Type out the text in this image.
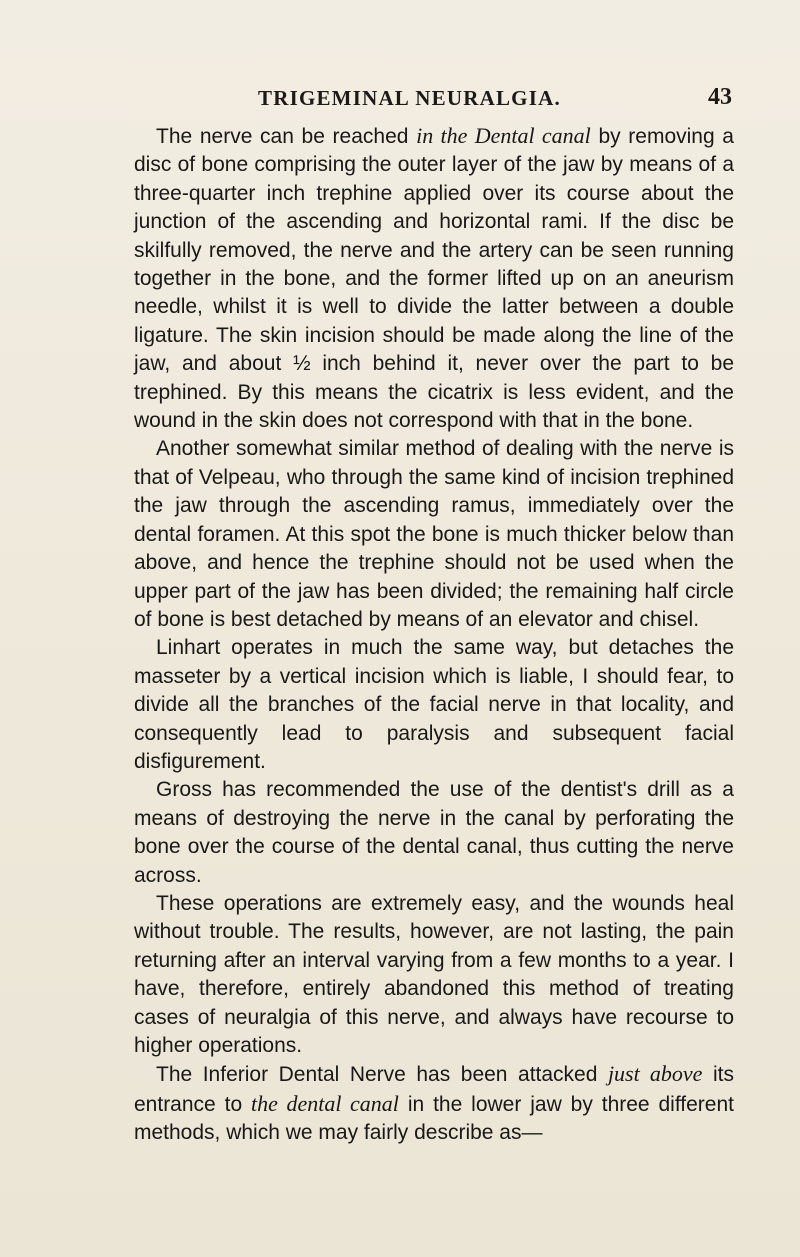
TRIGEMINAL NEURALGIA.	43

The nerve can be reached in the Dental canal by removing a disc of bone comprising the outer layer of the jaw by means of a three-quarter inch trephine applied over its course about the junction of the ascending and horizontal rami. If the disc be skilfully removed, the nerve and the artery can be seen running together in the bone, and the former lifted up on an aneurism needle, whilst it is well to divide the latter between a double ligature. The skin incision should be made along the line of the jaw, and about ½ inch behind it, never over the part to be trephined. By this means the cicatrix is less evident, and the wound in the skin does not correspond with that in the bone.

Another somewhat similar method of dealing with the nerve is that of Velpeau, who through the same kind of incision trephined the jaw through the ascending ramus, immediately over the dental foramen. At this spot the bone is much thicker below than above, and hence the trephine should not be used when the upper part of the jaw has been divided; the remaining half circle of bone is best detached by means of an elevator and chisel.

Linhart operates in much the same way, but detaches the masseter by a vertical incision which is liable, I should fear, to divide all the branches of the facial nerve in that locality, and consequently lead to paralysis and subsequent facial disfigurement.

Gross has recommended the use of the dentist's drill as a means of destroying the nerve in the canal by perforating the bone over the course of the dental canal, thus cutting the nerve across.

These operations are extremely easy, and the wounds heal without trouble. The results, however, are not lasting, the pain returning after an interval varying from a few months to a year. I have, therefore, entirely abandoned this method of treating cases of neuralgia of this nerve, and always have recourse to higher operations.

The Inferior Dental Nerve has been attacked just above its entrance to the dental canal in the lower jaw by three different methods, which we may fairly describe as—
